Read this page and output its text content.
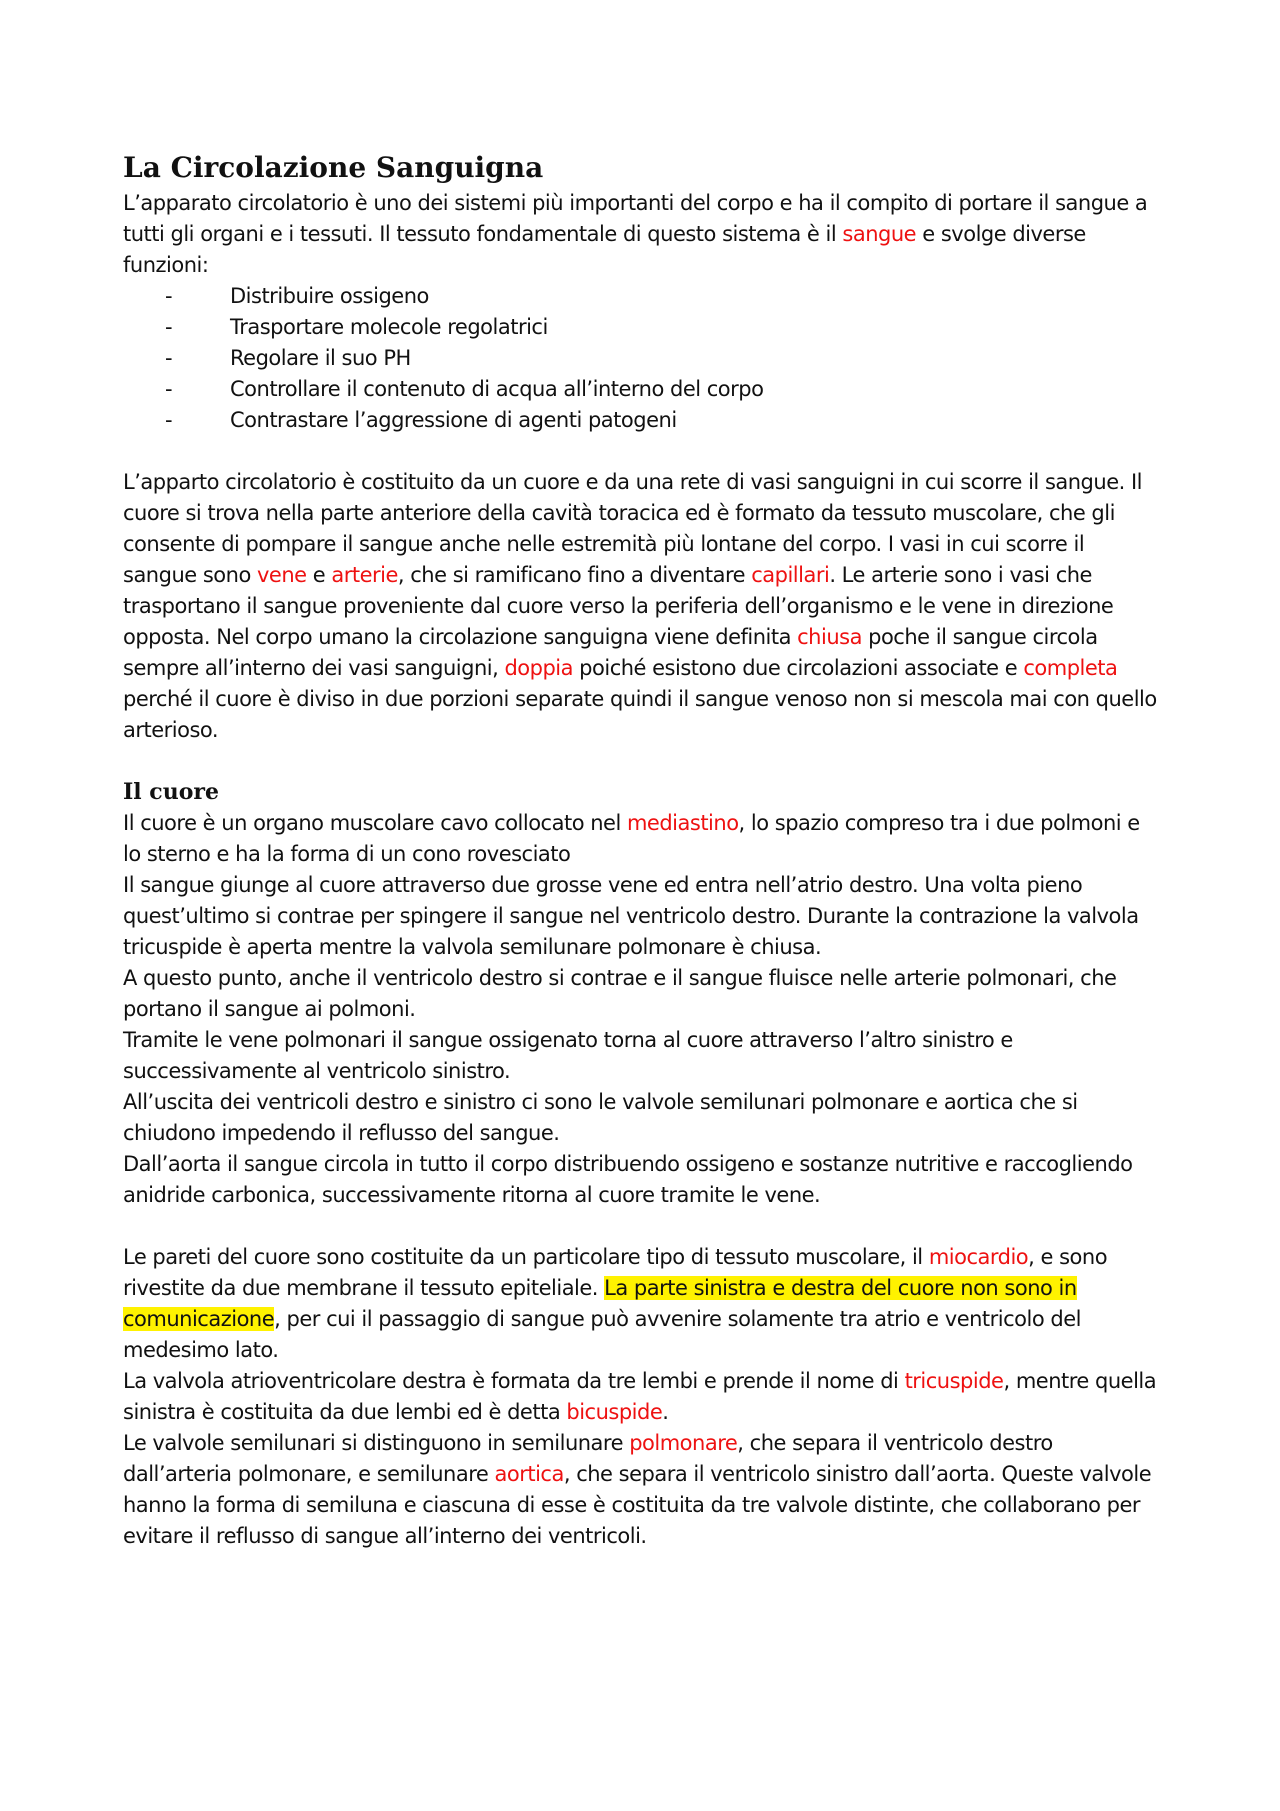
La Circolazione Sanguigna

L’apparato circolatorio è uno dei sistemi più importanti del corpo e ha il compito di portare il sangue a tutti gli organi e i tessuti. Il tessuto fondamentale di questo sistema è il sangue e svolge diverse funzioni:

-	Distribuire ossigeno
-	Trasportare molecole regolatrici
-	Regolare il suo PH
-	Controllare il contenuto di acqua all’interno del corpo
-	Contrastare l’aggressione di agenti patogeni

L’apparto circolatorio è costituito da un cuore e da una rete di vasi sanguigni in cui scorre il sangue. Il cuore si trova nella parte anteriore della cavità toracica ed è formato da tessuto muscolare, che gli consente di pompare il sangue anche nelle estremità più lontane del corpo. I vasi in cui scorre il sangue sono vene e arterie, che si ramificano fino a diventare capillari. Le arterie sono i vasi che trasportano il sangue proveniente dal cuore verso la periferia dell’organismo e le vene in direzione opposta. Nel corpo umano la circolazione sanguigna viene definita chiusa poche il sangue circola sempre all’interno dei vasi sanguigni, doppia poiché esistono due circolazioni associate e completa perché il cuore è diviso in due porzioni separate quindi il sangue venoso non si mescola mai con quello arterioso.

Il cuore

Il cuore è un organo muscolare cavo collocato nel mediastino, lo spazio compreso tra i due polmoni e lo sterno e ha la forma di un cono rovesciato

Il sangue giunge al cuore attraverso due grosse vene ed entra nell’atrio destro. Una volta pieno quest’ultimo si contrae per spingere il sangue nel ventricolo destro. Durante la contrazione la valvola tricuspide è aperta mentre la valvola semilunare polmonare è chiusa.

A questo punto, anche il ventricolo destro si contrae e il sangue fluisce nelle arterie polmonari, che portano il sangue ai polmoni.

Tramite le vene polmonari il sangue ossigenato torna al cuore attraverso l’altro sinistro e successivamente al ventricolo sinistro.

All’uscita dei ventricoli destro e sinistro ci sono le valvole semilunari polmonare e aortica che si chiudono impedendo il reflusso del sangue.

Dall’aorta il sangue circola in tutto il corpo distribuendo ossigeno e sostanze nutritive e raccogliendo anidride carbonica, successivamente ritorna al cuore tramite le vene.

Le pareti del cuore sono costituite da un particolare tipo di tessuto muscolare, il miocardio, e sono rivestite da due membrane il tessuto epiteliale. La parte sinistra e destra del cuore non sono in comunicazione, per cui il passaggio di sangue può avvenire solamente tra atrio e ventricolo del medesimo lato.

La valvola atrioventricolare destra è formata da tre lembi e prende il nome di tricuspide, mentre quella sinistra è costituita da due lembi ed è detta bicuspide.

Le valvole semilunari si distinguono in semilunare polmonare, che separa il ventricolo destro dall’arteria polmonare, e semilunare aortica, che separa il ventricolo sinistro dall’aorta. Queste valvole hanno la forma di semiluna e ciascuna di esse è costituita da tre valvole distinte, che collaborano per evitare il reflusso di sangue all’interno dei ventricoli.
